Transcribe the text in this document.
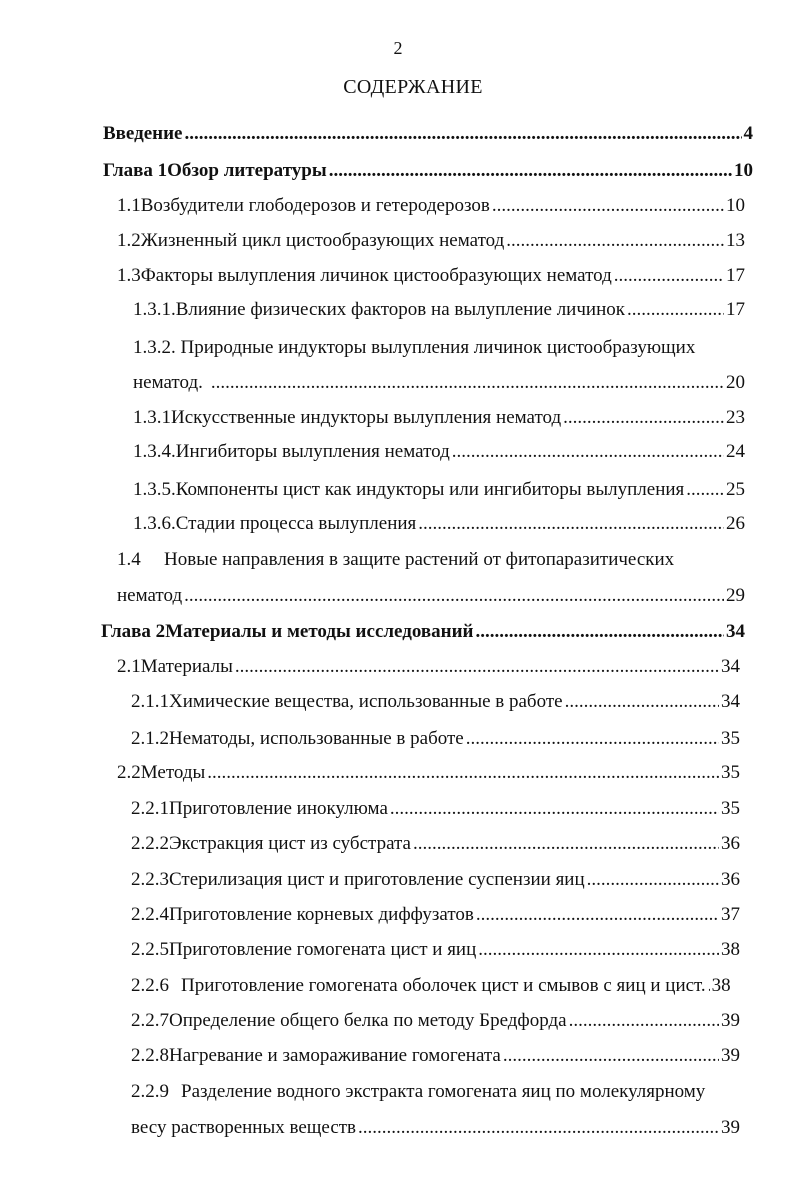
2
СОДЕРЖАНИЕ
Введение .....	4
Глава 1 Обзор литературы .....	10
1.1 Возбудители глободерозов и гетеродерозов .....	10
1.2 Жизненный цикл цистообразующих нематод .....	13
1.3 Факторы вылупления личинок цистообразующих нематод .....	17
1.3.1. Влияние физических факторов на вылупление личинок .....	17
1.3.2. Природные индукторы вылупления личинок цистообразующих
нематод. .....	20
1.3.1 Искусственные индукторы вылупления нематод .....	23
1.3.4. Ингибиторы вылупления нематод .....	24
1.3.5. Компоненты цист как индукторы или ингибиторы вылупления ..... 25
1.3.6. Стадии процесса вылупления .....	26
1.4 Новые направления в защите растений от фитопаразитических
нематод .....	29
Глава 2 Материалы и методы исследований .....	34
2.1 Материалы .....	34
2.1.1 Химические вещества, использованные в работе .....	34
2.1.2 Нематоды, использованные в работе .....	35
2.2 Методы .....	35
2.2.1 Приготовление инокулюма .....	35
2.2.2 Экстракция цист из субстрата .....	36
2.2.3 Стерилизация цист и приготовление суспензии яиц .....	36
2.2.4 Приготовление корневых диффузатов .....	37
2.2.5 Приготовление гомогената цист и яиц .....	38
2.2.6 Приготовление гомогената оболочек цист и смывов с яиц и цист. ..... 38
2.2.7 Определение общего белка по методу Бредфорда .....	39
2.2.8 Нагревание и замораживание гомогената .....	39
2.2.9 Разделение водного экстракта гомогената яиц по молекулярному
весу растворенных веществ .....	39
